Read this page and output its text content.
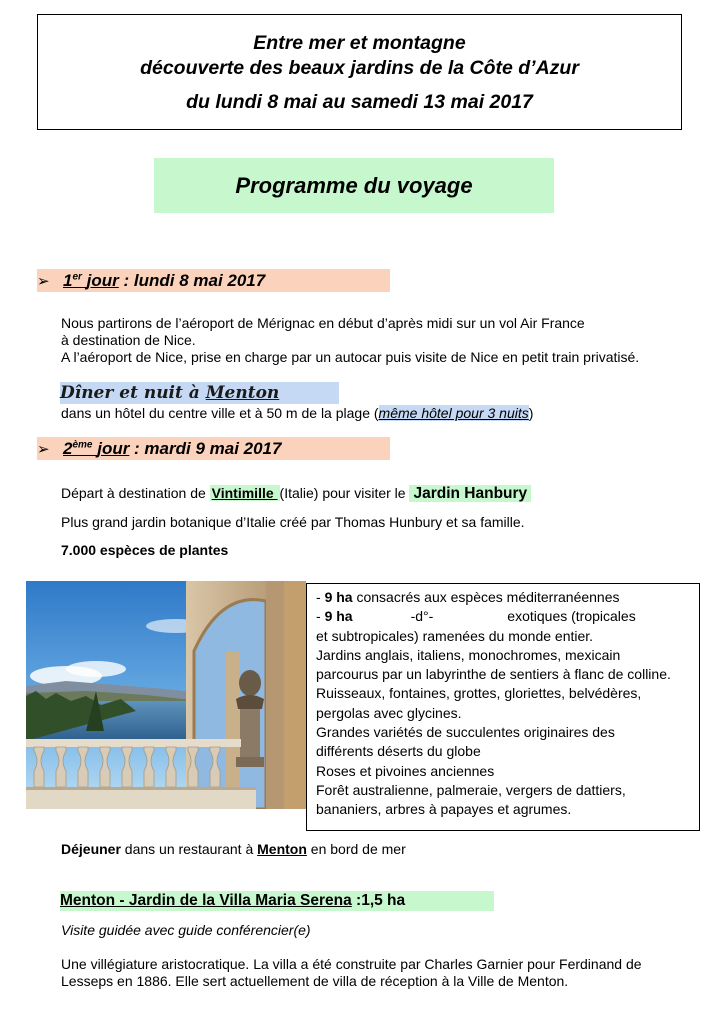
Entre mer et montagne
découverte des beaux jardins de la Côte d’Azur
du lundi 8 mai au samedi 13 mai 2017
Programme du voyage
➢ 1er jour : lundi 8 mai 2017
Nous partirons de l’aéroport de Mérignac en début d’après midi sur un vol Air France
à destination de Nice.
A l’aéroport de Nice, prise en charge par un autocar puis visite de Nice en petit train privatisé.
Dîner et nuit à Menton
dans un hôtel du centre ville et à 50 m de la plage (même hôtel pour 3 nuits)
➢ 2ème jour : mardi 9 mai 2017
Départ à destination de Vintimille (Italie) pour visiter le Jardin Hanbury
Plus grand jardin botanique d’Italie créé par Thomas Hunbury et sa famille.
7.000 espèces de plantes
- 9 ha consacrés aux espèces méditerranéennes
- 9 ha	-d°-	exotiques (tropicales
et subtropicales) ramenées du monde entier.
Jardins anglais, italiens, monochromes, mexicain
parcourus par un labyrinthe de sentiers à flanc de colline.
Ruisseaux, fontaines, grottes, gloriettes, belvédères,
pergolas avec glycines.
Grandes variétés de succulentes originaires des
différents déserts du globe
Roses et pivoines anciennes
Forêt australienne, palmeraie, vergers de dattiers,
bananiers, arbres à papayes et agrumes.
Déjeuner dans un restaurant à Menton en bord de mer
Menton - Jardin de la Villa Maria Serena :1,5 ha
Visite guidée avec guide conférencier(e)
Une villégiature aristocratique. La villa a été construite par Charles Garnier pour Ferdinand de
Lesseps en 1886. Elle sert actuellement de villa de réception à la Ville de Menton.
